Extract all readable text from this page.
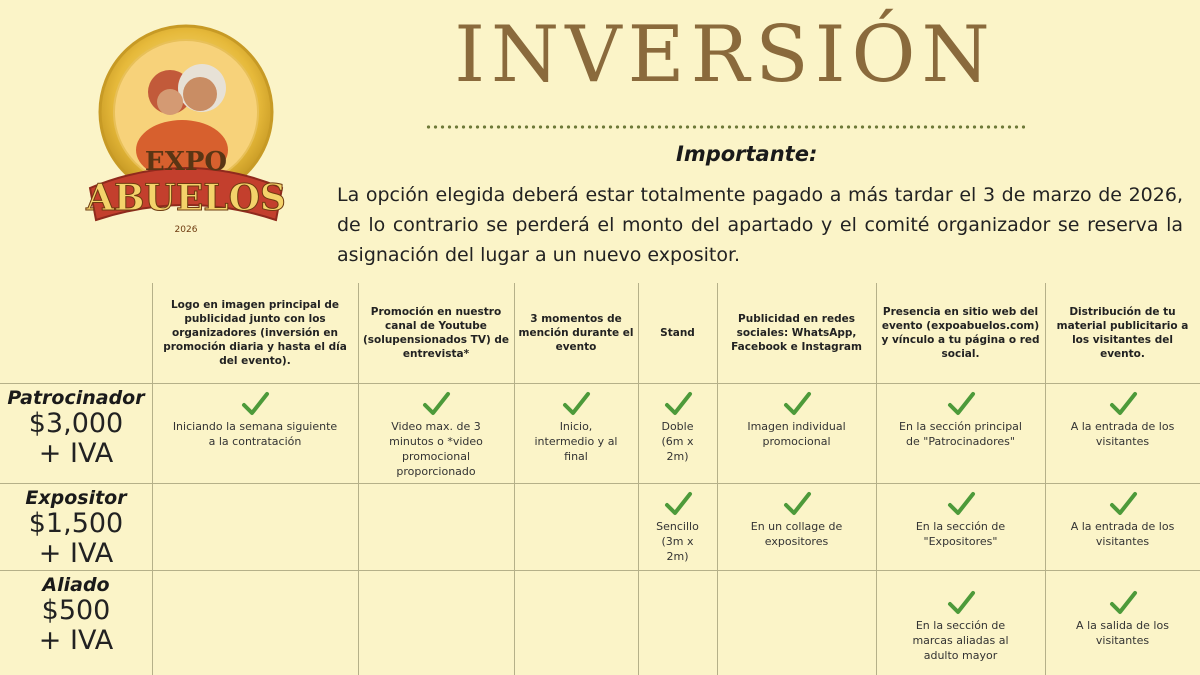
EXPO
ABUELOS
2026
INVERSIÓN
Importante:
La opción elegida deberá estar totalmente pagado a más tardar el 3 de marzo de 2026, de lo contrario se perderá el monto del apartado y el comité organizador se reserva la asignación del lugar a un nuevo expositor.
Logo en imagen principal de publicidad junto con los organizadores (inversión en promoción diaria y hasta el día del evento).
Promoción en nuestro canal de Youtube (solupensionados TV) de entrevista*
3 momentos de mención durante el evento
Stand
Publicidad en redes sociales: WhatsApp, Facebook e Instagram
Presencia en sitio web del evento (expoabuelos.com) y vínculo a tu página o red social.
Distribución de tu material publicitario a los visitantes del evento.
Patrocinador
$3,000
+ IVA
Iniciando la semana siguiente a la contratación
Video max. de 3 minutos o *video promocional proporcionado
Inicio, intermedio y al final
Doble (6m x 2m)
Imagen individual promocional
En la sección principal de "Patrocinadores"
A la entrada de los visitantes
Expositor
$1,500
+ IVA
Sencillo (3m x 2m)
En un collage de expositores
En la sección de "Expositores"
A la entrada de los visitantes
Aliado
$500
+ IVA	En la sección de marcas aliadas al adulto mayor
A la salida de los visitantes
